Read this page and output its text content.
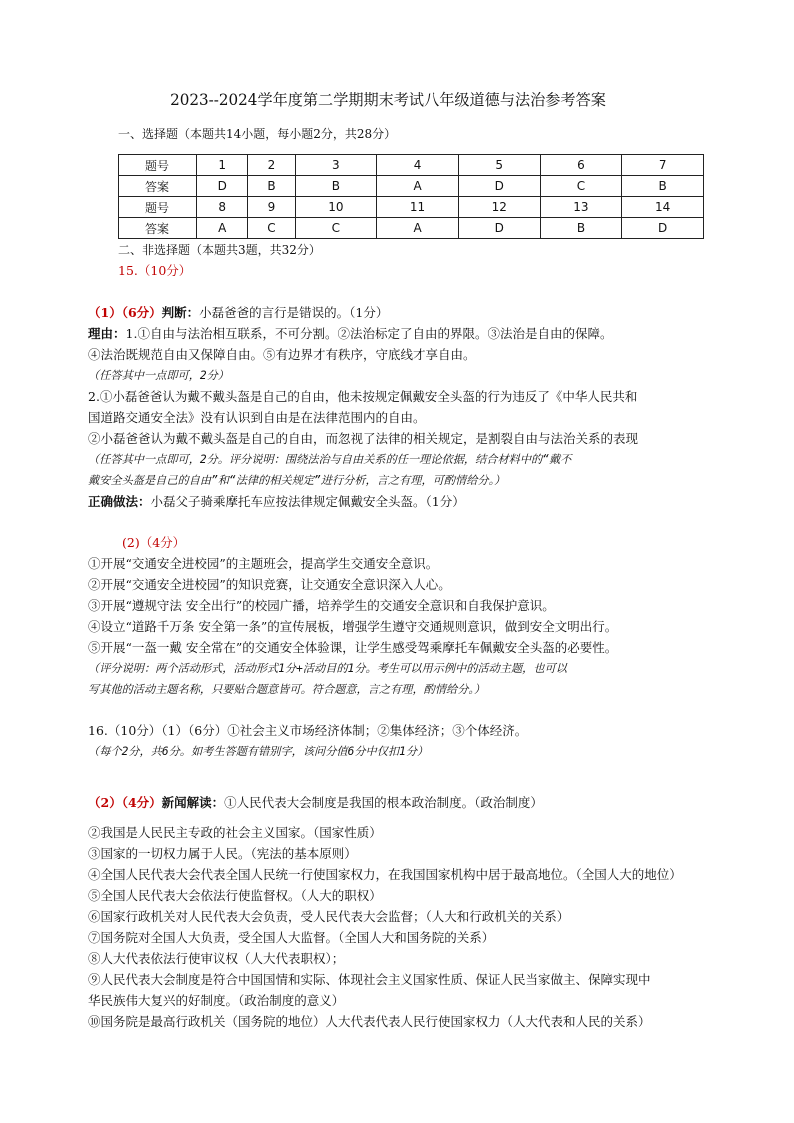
2023--2024学年度第二学期期末考试八年级道德与法治参考答案
一、选择题（本题共14小题，每小题2分，共28分）
题号	1	2	3	4	5	6	7
答案	D	B	B	A	D	C	B
题号	8	9	10	11	12	13	14
答案	A	C	C	A	D	B	D
二、非选择题（本题共3题，共32分）
15.（10分）
（1）（6分）判断：小磊爸爸的言行是错误的。（1分）
理由：1.①自由与法治相互联系，不可分割。②法治标定了自由的界限。③法治是自由的保障。
④法治既规范自由又保障自由。⑤有边界才有秩序，守底线才享自由。
（任答其中一点即可，2分）
2.①小磊爸爸认为戴不戴头盔是自己的自由，他未按规定佩戴安全头盔的行为违反了《中华人民共和
国道路交通安全法》没有认识到自由是在法律范围内的自由。
②小磊爸爸认为戴不戴头盔是自己的自由，而忽视了法律的相关规定，是割裂自由与法治关系的表现
（任答其中一点即可，2分。评分说明：围绕法治与自由关系的任一理论依据，结合材料中的“戴不
戴安全头盔是自己的自由”和“法律的相关规定”进行分析，言之有理，可酌情给分。）
正确做法：小磊父子骑乘摩托车应按法律规定佩戴安全头盔。（1分）
(2)（4分）
①开展“交通安全进校园”的主题班会，提高学生交通安全意识。
②开展“交通安全进校园”的知识竞赛，让交通安全意识深入人心。
③开展“遵规守法 安全出行”的校园广播，培养学生的交通安全意识和自我保护意识。
④设立“道路千万条 安全第一条”的宣传展板，增强学生遵守交通规则意识，做到安全文明出行。
⑤开展“一盔一戴 安全常在”的交通安全体验课，让学生感受驾乘摩托车佩戴安全头盔的必要性。
（评分说明：两个活动形式，活动形式1分+活动目的1分。考生可以用示例中的活动主题，也可以
写其他的活动主题名称，只要贴合题意皆可。符合题意，言之有理，酌情给分。）
16.（10分）（1）（6分）①社会主义市场经济体制；②集体经济；③个体经济。
（每个2分，共6分。如考生答题有错别字，该问分值6分中仅扣1分）
（2）（4分）新闻解读：①人民代表大会制度是我国的根本政治制度。（政治制度）
②我国是人民民主专政的社会主义国家。（国家性质）
③国家的一切权力属于人民。（宪法的基本原则）
④全国人民代表大会代表全国人民统一行使国家权力，在我国国家机构中居于最高地位。（全国人大的地位）
⑤全国人民代表大会依法行使监督权。（人大的职权）
⑥国家行政机关对人民代表大会负责，受人民代表大会监督；（人大和行政机关的关系）
⑦国务院对全国人大负责，受全国人大监督。（全国人大和国务院的关系）
⑧人大代表依法行使审议权（人大代表职权）；
⑨人民代表大会制度是符合中国国情和实际、体现社会主义国家性质、保证人民当家做主、保障实现中
华民族伟大复兴的好制度。（政治制度的意义）
⑩国务院是最高行政机关（国务院的地位）人大代表代表人民行使国家权力（人大代表和人民的关系）
